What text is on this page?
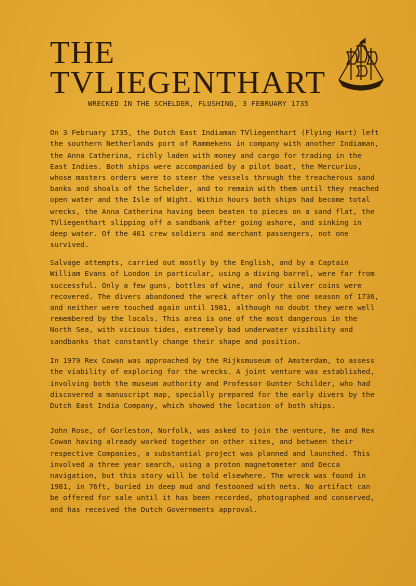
THE
TVLIEGENTHART
WRECKED IN THE SCHELDER, FLUSHING, 3 FEBRUARY 1735

On 3 February 1735, the Dutch East Indiaman TVliegenthart (Flying Hart) left the southern Netherlands port of Rammekens in company with another Indiaman, the Anna Catherina, richly laden with money and cargo for trading in the East Indies. Both ships were accompanied by a pilot boat, the Mercurius, whose masters orders were to steer the vessels through the treacherous sand banks and shoals of the Schelder, and to remain with them until they reached open water and the Isle of Wight. Within hours both ships had become total wrecks, the Anna Catherina having been beaten to pieces on a sand flat, the TVliegenthart slipping off a sandbank after going ashore, and sinking in deep water. Of the 461 crew soldiers and merchant passengers, not one survived.

Salvage attempts, carried out mostly by the English, and by a Captain William Evans of London in particular, using a diving barrel, were far from successful. Only a few guns, bottles of wine, and four silver coins were recovered. The divers abandoned the wreck after only the one season of 1736, and neither were touched again until 1981, although no doubt they were well remembered by the locals. This area is one of the most dangerous in the North Sea, with vicious tides, extremely bad underwater visibility and sandbanks that constantly change their shape and position.

In 1979 Rex Cowan was approached by the Rijksmuseum of Amsterdam, to assess the viability of exploring for the wrecks. A joint venture was established, involving both the museum authority and Professor Gunter Schilder, who had discovered a manuscript map, specially prepared for the early divers by the Dutch East India Company, which showed the location of both ships.

John Rose, of Gorleston, Norfolk, was asked to join the venture, he and Rex Cowan having already worked together on other sites, and between their respective Companies, a substantial project was planned and launched. This involved a three year search, using a proton magnetometer and Decca navigation, but this story will be told elsewhere. The wreck was found in 1981, in 76ft, buried in deep mud and festooned with nets. No artifact can be offered for sale until it has been recorded, photographed and conserved, and has received the Dutch Governments approval.
